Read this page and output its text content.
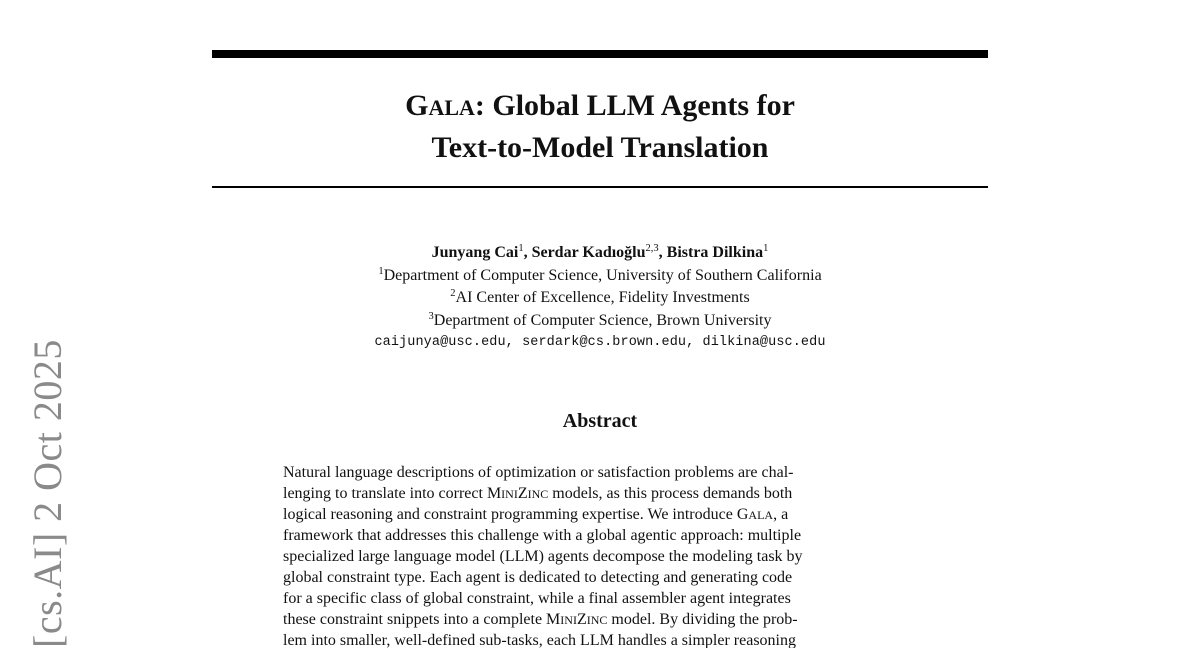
[cs.AI] 2 Oct 2025
GALA: Global LLM Agents for
Text-to-Model Translation
Junyang Cai$^1$, Serdar Kadıoğlu$^{2,3}$, Bistra Dilkina$^1$
$^1$Department of Computer Science, University of Southern California
$^2$AI Center of Excellence, Fidelity Investments
$^3$Department of Computer Science, Brown University
caijunya@usc.edu, serdark@cs.brown.edu, dilkina@usc.edu
Abstract
Natural language descriptions of optimization or satisfaction problems are chal-
lenging to translate into correct MINIZINC models, as this process demands both
logical reasoning and constraint programming expertise. We introduce GALA, a
framework that addresses this challenge with a global agentic approach: multiple
specialized large language model (LLM) agents decompose the modeling task by
global constraint type. Each agent is dedicated to detecting and generating code
for a specific class of global constraint, while a final assembler agent integrates
these constraint snippets into a complete MINIZINC model. By dividing the prob-
lem into smaller, well-defined sub-tasks, each LLM handles a simpler reasoning
